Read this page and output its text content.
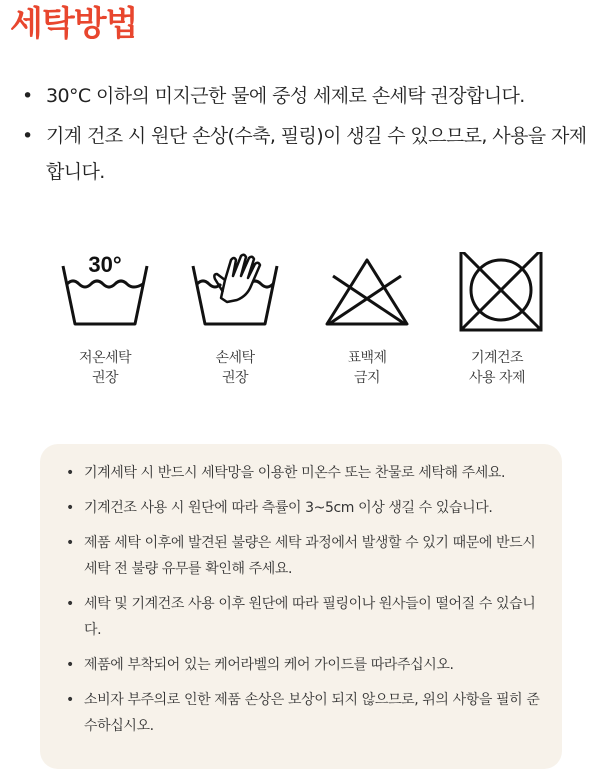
세탁방법
• 30°C 이하의 미지근한 물에 중성 세제로 손세탁 권장합니다.
• 기계 건조 시 원단 손상(수축, 필링)이 생길 수 있으므로, 사용을 자제 합니다.
30°
저온세탁
권장
손세탁
권장
표백제
금지
기계건조
사용 자제
• 기계세탁 시 반드시 세탁망을 이용한 미온수 또는 찬물로 세탁해 주세요.
• 기계건조 사용 시 원단에 따라 측률이 3~5cm 이상 생길 수 있습니다.
• 제품 세탁 이후에 발견된 불량은 세탁 과정에서 발생할 수 있기 때문에 반드시 세탁 전 불량 유무를 확인해 주세요.
• 세탁 및 기계건조 사용 이후 원단에 따라 필링이나 원사들이 떨어질 수 있습니다.
• 제품에 부착되어 있는 케어라벨의 케어 가이드를 따라주십시오.
• 소비자 부주의로 인한 제품 손상은 보상이 되지 않으므로, 위의 사항을 필히 준수하십시오.
